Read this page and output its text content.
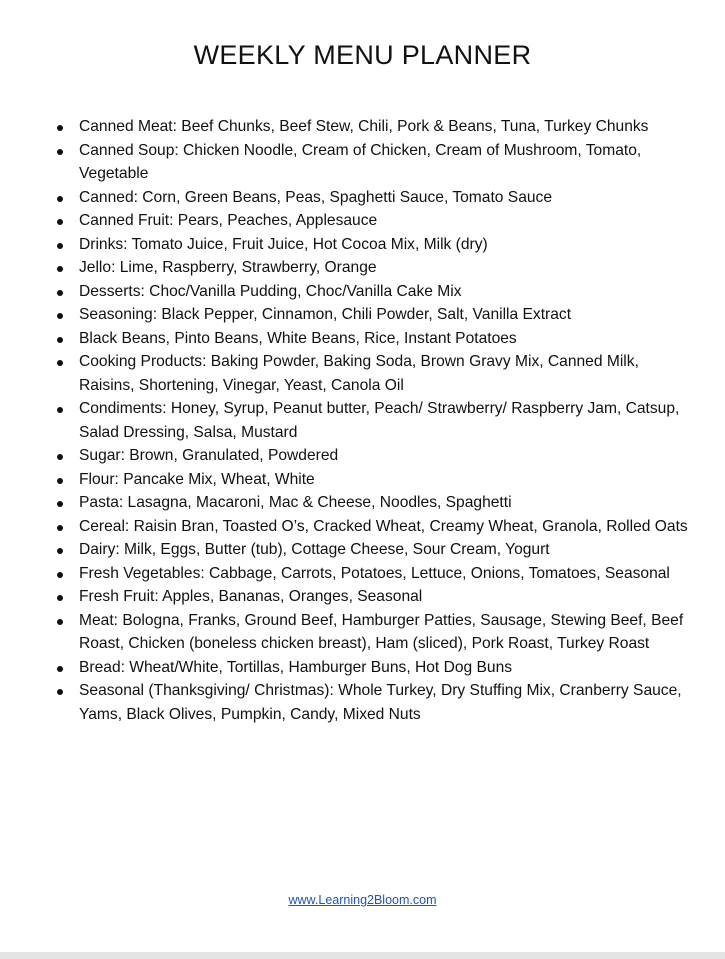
WEEKLY MENU PLANNER
Canned Meat: Beef Chunks, Beef Stew, Chili, Pork & Beans, Tuna, Turkey Chunks
Canned Soup: Chicken Noodle, Cream of Chicken, Cream of Mushroom, Tomato, Vegetable
Canned: Corn, Green Beans, Peas, Spaghetti Sauce, Tomato Sauce
Canned Fruit: Pears, Peaches, Applesauce
Drinks: Tomato Juice, Fruit Juice, Hot Cocoa Mix, Milk (dry)
Jello: Lime, Raspberry, Strawberry, Orange
Desserts: Choc/Vanilla Pudding, Choc/Vanilla Cake Mix
Seasoning: Black Pepper, Cinnamon, Chili Powder, Salt, Vanilla Extract
Black Beans, Pinto Beans, White Beans, Rice, Instant Potatoes
Cooking Products: Baking Powder, Baking Soda, Brown Gravy Mix, Canned Milk, Raisins, Shortening, Vinegar, Yeast, Canola Oil
Condiments: Honey, Syrup, Peanut butter, Peach/ Strawberry/ Raspberry Jam, Catsup, Salad Dressing, Salsa, Mustard
Sugar: Brown, Granulated, Powdered
Flour: Pancake Mix, Wheat, White
Pasta: Lasagna, Macaroni, Mac & Cheese, Noodles, Spaghetti
Cereal: Raisin Bran, Toasted O’s, Cracked Wheat, Creamy Wheat, Granola, Rolled Oats
Dairy: Milk, Eggs, Butter (tub), Cottage Cheese, Sour Cream, Yogurt
Fresh Vegetables: Cabbage, Carrots, Potatoes, Lettuce, Onions, Tomatoes, Seasonal
Fresh Fruit: Apples, Bananas, Oranges, Seasonal
Meat: Bologna, Franks, Ground Beef, Hamburger Patties, Sausage, Stewing Beef, Beef Roast, Chicken (boneless chicken breast), Ham (sliced), Pork Roast, Turkey Roast
Bread: Wheat/White, Tortillas, Hamburger Buns, Hot Dog Buns
Seasonal (Thanksgiving/ Christmas): Whole Turkey, Dry Stuffing Mix, Cranberry Sauce, Yams, Black Olives, Pumpkin, Candy, Mixed Nuts
www.Learning2Bloom.com
